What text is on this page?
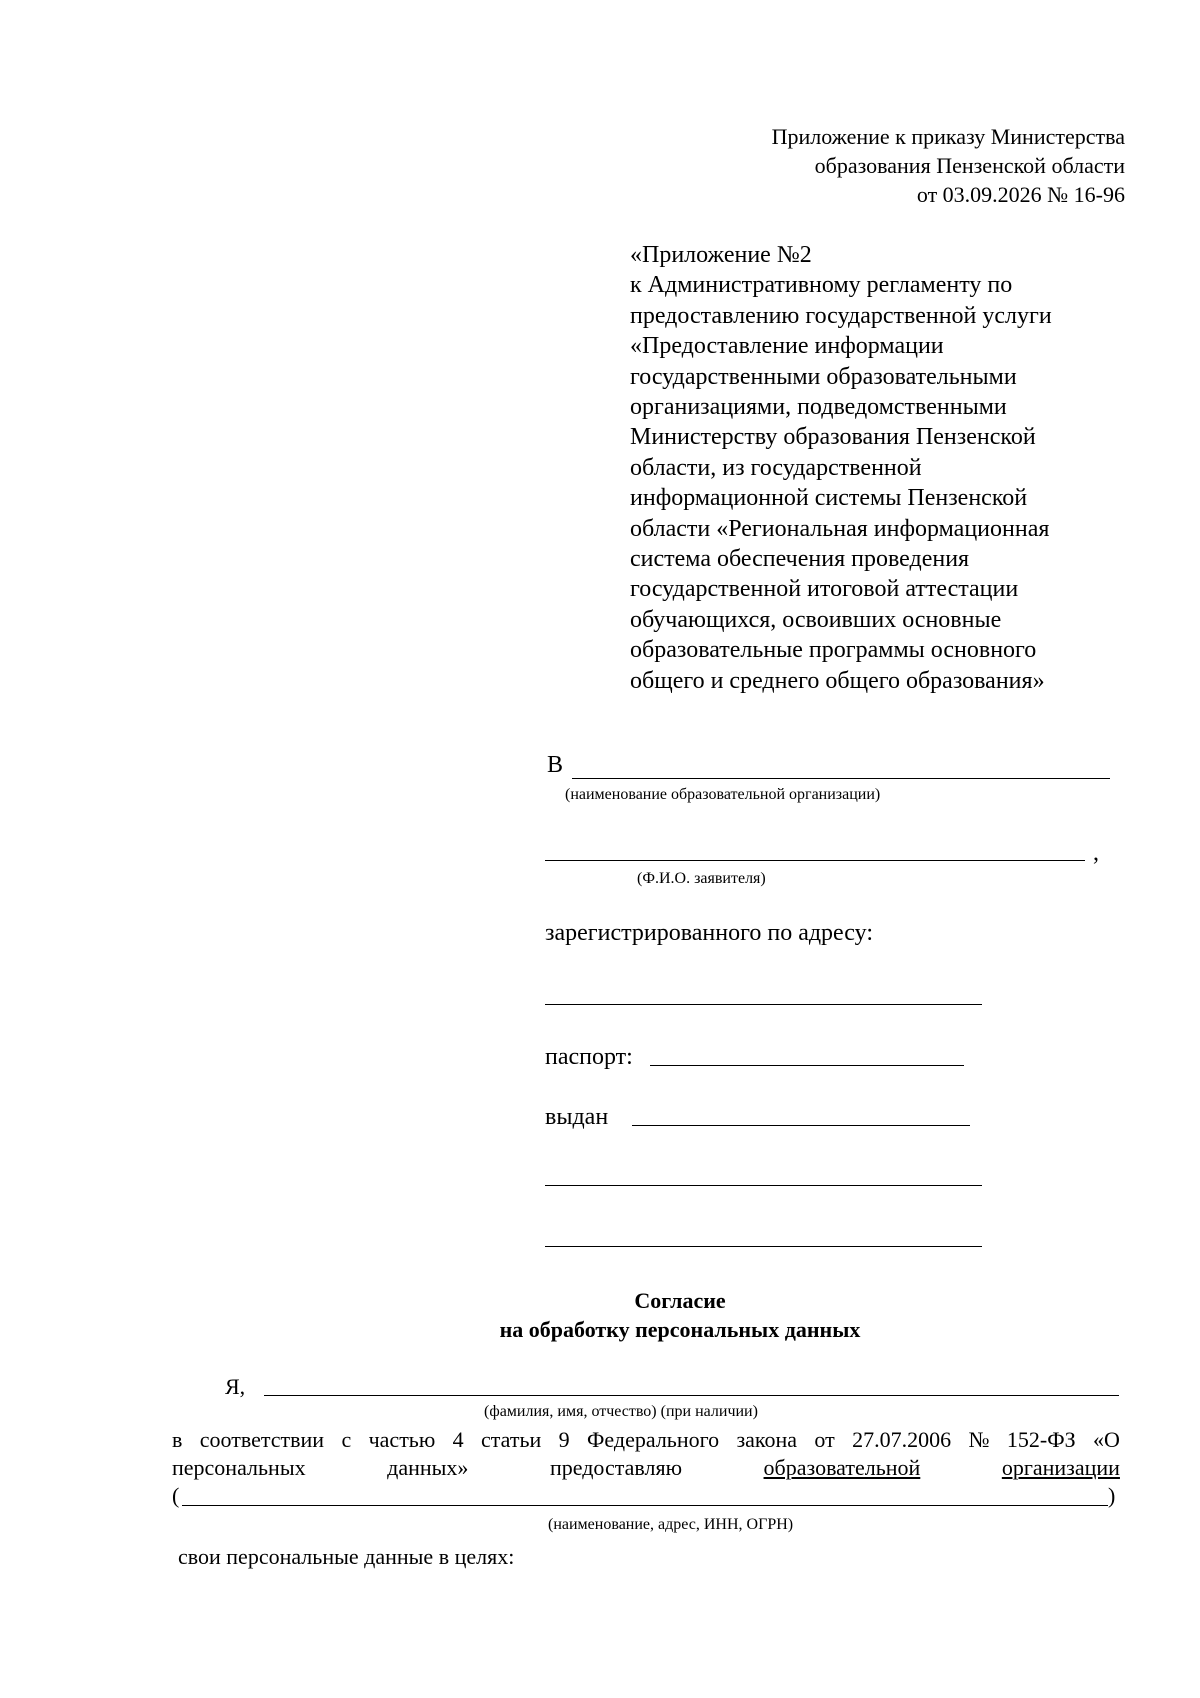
Приложение к приказу Министерства
образования Пензенской области
от 03.09.2026 № 16-96
«Приложение №2
к Административному регламенту по
предоставлению государственной услуги
«Предоставление информации
государственными образовательными
организациями, подведомственными
Министерству образования Пензенской
области, из государственной
информационной системы Пензенской
области «Региональная информационная
система обеспечения проведения
государственной итоговой аттестации
обучающихся, освоивших основные
образовательные программы основного
общего и среднего общего образования»
В
(наименование образовательной организации)
,
(Ф.И.О. заявителя)
зарегистрированного по адресу:
паспорт:
выдан
Согласие
на обработку персональных данных
Я,
(фамилия, имя, отчество) (при наличии)
в соответствии с частью 4 статьи 9 Федерального закона от 27.07.2006 № 152-ФЗ «О
персональных	данных»	предоставляю	образовательной	организации
(	)
(наименование, адрес, ИНН, ОГРН)
свои персональные данные в целях:
